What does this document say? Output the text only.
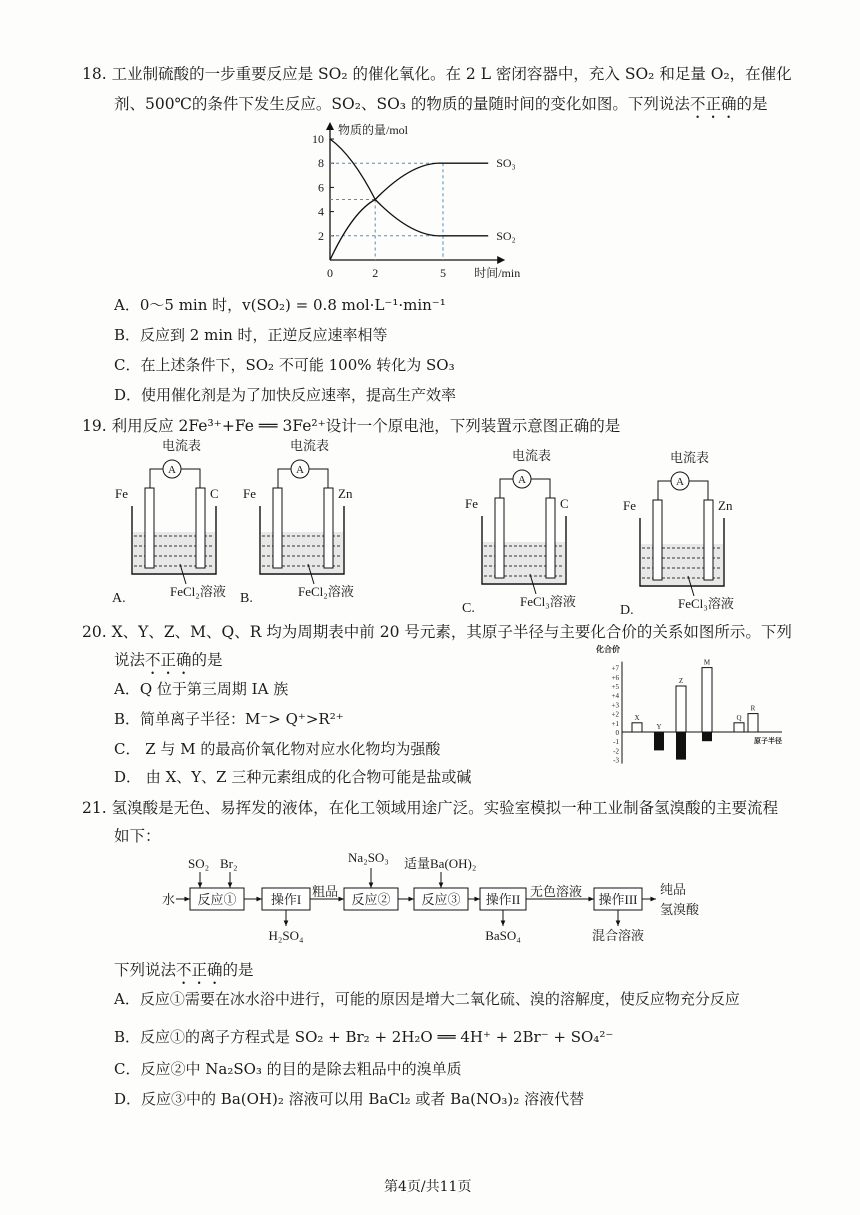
18. 工业制硫酸的一步重要反应是 SO₂ 的催化氧化。在 2 L 密闭容器中，充入 SO₂ 和足量 O₂，在催化
剂、500℃的条件下发生反应。SO₂、SO₃ 的物质的量随时间的变化如图。下列说法不正确的是
物质的量/mol
时间/min
10
8
6
4
2
0	2	5
SO₃
SO₂
A．0～5 min 时，v(SO₂) = 0.8 mol·L⁻¹·min⁻¹
B．反应到 2 min 时，正逆反应速率相等
C．在上述条件下，SO₂ 不可能 100% 转化为 SO₃
D．使用催化剂是为了加快反应速率，提高生产效率
19. 利用反应 2Fe³⁺+Fe ══ 3Fe²⁺设计一个原电池，下列装置示意图正确的是
电流表
A
Fe	C
FeCl₂溶液
A.
电流表
A
Fe	Zn
FeCl₂溶液
B.
电流表
A
Fe	C
FeCl₃溶液
C.
电流表
A
Fe	Zn
FeCl₃溶液
D.
20. X、Y、Z、M、Q、R 均为周期表中前 20 号元素，其原子半径与主要化合价的关系如图所示。下列
说法不正确的是
A．Q 位于第三周期 IA 族
B．简单离子半径：M⁻> Q⁺>R²⁺
C． Z 与 M 的最高价氧化物对应水化物均为强酸
D． 由 X、Y、Z 三种元素组成的化合物可能是盐或碱
化合价
原子半径
+7
+6
+5
+4
+3
+2
+1
0
-1
-2
-3
X
Y
Z
M
Q
R
21. 氢溴酸是无色、易挥发的液体，在化工领域用途广泛。实验室模拟一种工业制备氢溴酸的主要流程
如下：
水 反应①
SO₂ Br₂
操作I
H₂SO₄
粗品
反应②
Na₂SO₃
反应③
适量Ba(OH)₂
操作II
BaSO₄
无色溶液
操作III
混合溶液
纯品
氢溴酸
下列说法不正确的是
A．反应①需要在冰水浴中进行，可能的原因是增大二氧化硫、溴的溶解度，使反应物充分反应
B．反应①的离子方程式是 SO₂ + Br₂ + 2H₂O ══ 4H⁺ + 2Br⁻ + SO₄²⁻
C．反应②中 Na₂SO₃ 的目的是除去粗品中的溴单质
D．反应③中的 Ba(OH)₂ 溶液可以用 BaCl₂ 或者 Ba(NO₃)₂ 溶液代替
第4页/共11页
